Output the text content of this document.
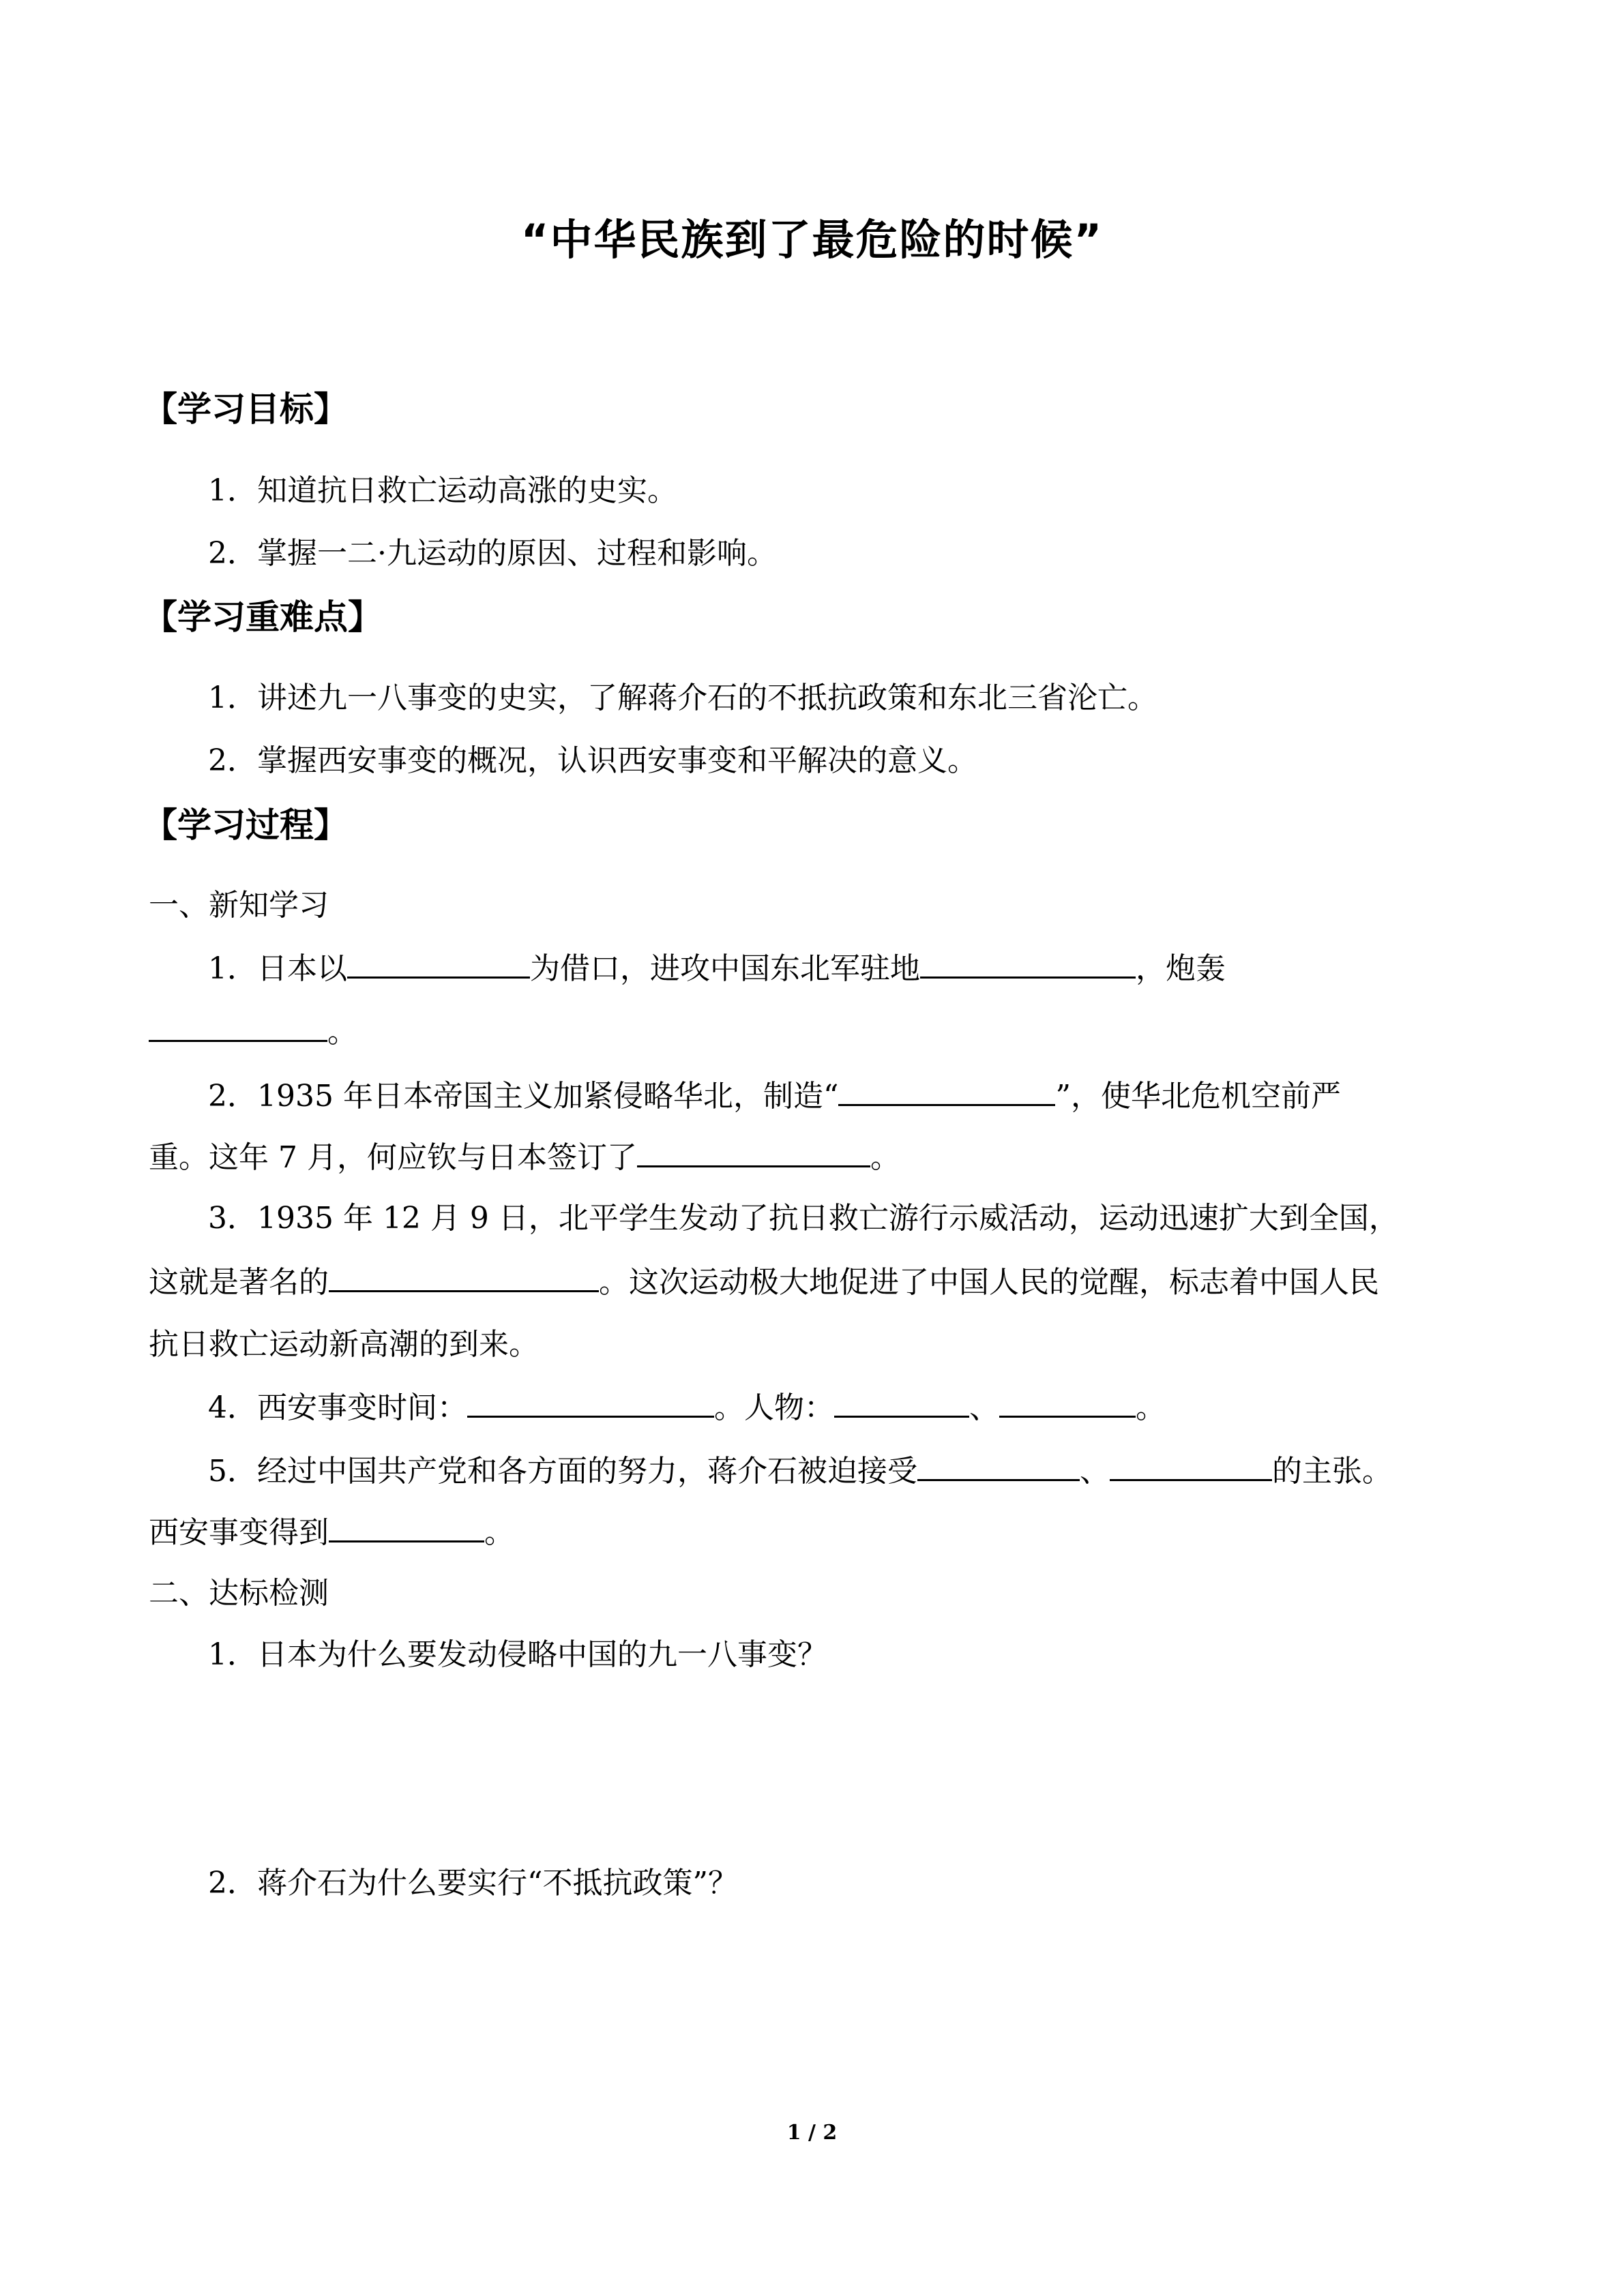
“中华民族到了最危险的时候”
【学习目标】
1．知道抗日救亡运动高涨的史实。
2．掌握一二·九运动的原因、过程和影响。
【学习重难点】
1．讲述九一八事变的史实，了解蒋介石的不抵抗政策和东北三省沦亡。
2．掌握西安事变的概况，认识西安事变和平解决的意义。
【学习过程】
一、新知学习
1．日本以	为借口，进攻中国东北军驻地	，炮轰
。
2．1935 年日本帝国主义加紧侵略华北，制造“	”，使华北危机空前严
重。这年 7 月，何应钦与日本签订了	。
3．1935 年 12 月 9 日，北平学生发动了抗日救亡游行示威活动，运动迅速扩大到全国，
这就是著名的	。这次运动极大地促进了中国人民的觉醒，标志着中国人民
抗日救亡运动新高潮的到来。
4．西安事变时间：	。人物：	、	。
5．经过中国共产党和各方面的努力，蒋介石被迫接受	、	的主张。
西安事变得到	。
二、达标检测
1．日本为什么要发动侵略中国的九一八事变？
2．蒋介石为什么要实行“不抵抗政策”？
1 / 2
